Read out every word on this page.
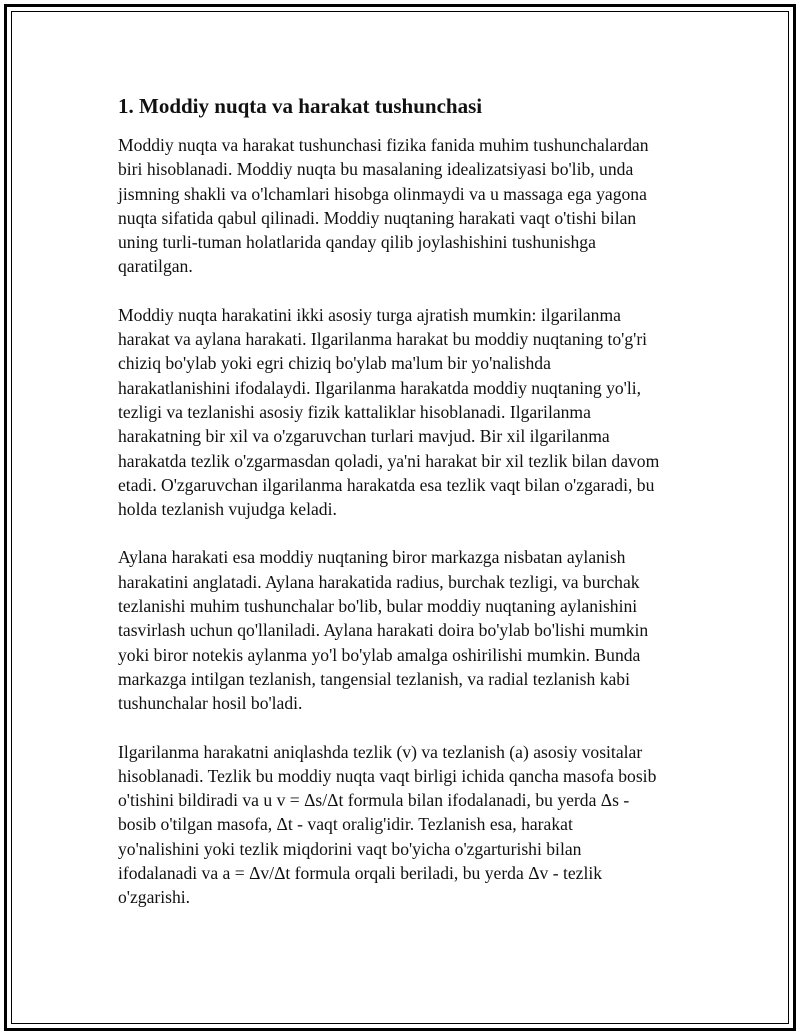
1. Moddiy nuqta va harakat tushunchasi

Moddiy nuqta va harakat tushunchasi fizika fanida muhim tushunchalardan
biri hisoblanadi. Moddiy nuqta bu masalaning idealizatsiyasi bo'lib, unda
jismning shakli va o'lchamlari hisobga olinmaydi va u massaga ega yagona
nuqta sifatida qabul qilinadi. Moddiy nuqtaning harakati vaqt o'tishi bilan
uning turli-tuman holatlarida qanday qilib joylashishini tushunishga
qaratilgan.

Moddiy nuqta harakatini ikki asosiy turga ajratish mumkin: ilgarilanma
harakat va aylana harakati. Ilgarilanma harakat bu moddiy nuqtaning to'g'ri
chiziq bo'ylab yoki egri chiziq bo'ylab ma'lum bir yo'nalishda
harakatlanishini ifodalaydi. Ilgarilanma harakatda moddiy nuqtaning yo'li,
tezligi va tezlanishi asosiy fizik kattaliklar hisoblanadi. Ilgarilanma
harakatning bir xil va o'zgaruvchan turlari mavjud. Bir xil ilgarilanma
harakatda tezlik o'zgarmasdan qoladi, ya'ni harakat bir xil tezlik bilan davom
etadi. O'zgaruvchan ilgarilanma harakatda esa tezlik vaqt bilan o'zgaradi, bu
holda tezlanish vujudga keladi.

Aylana harakati esa moddiy nuqtaning biror markazga nisbatan aylanish
harakatini anglatadi. Aylana harakatida radius, burchak tezligi, va burchak
tezlanishi muhim tushunchalar bo'lib, bular moddiy nuqtaning aylanishini
tasvirlash uchun qo'llaniladi. Aylana harakati doira bo'ylab bo'lishi mumkin
yoki biror notekis aylanma yo'l bo'ylab amalga oshirilishi mumkin. Bunda
markazga intilgan tezlanish, tangensial tezlanish, va radial tezlanish kabi
tushunchalar hosil bo'ladi.

Ilgarilanma harakatni aniqlashda tezlik (v) va tezlanish (a) asosiy vositalar
hisoblanadi. Tezlik bu moddiy nuqta vaqt birligi ichida qancha masofa bosib
o'tishini bildiradi va u v = Δs/Δt formula bilan ifodalanadi, bu yerda Δs -
bosib o'tilgan masofa, Δt - vaqt oralig'idir. Tezlanish esa, harakat
yo'nalishini yoki tezlik miqdorini vaqt bo'yicha o'zgarturishi bilan
ifodalanadi va a = Δv/Δt formula orqali beriladi, bu yerda Δv - tezlik
o'zgarishi.
